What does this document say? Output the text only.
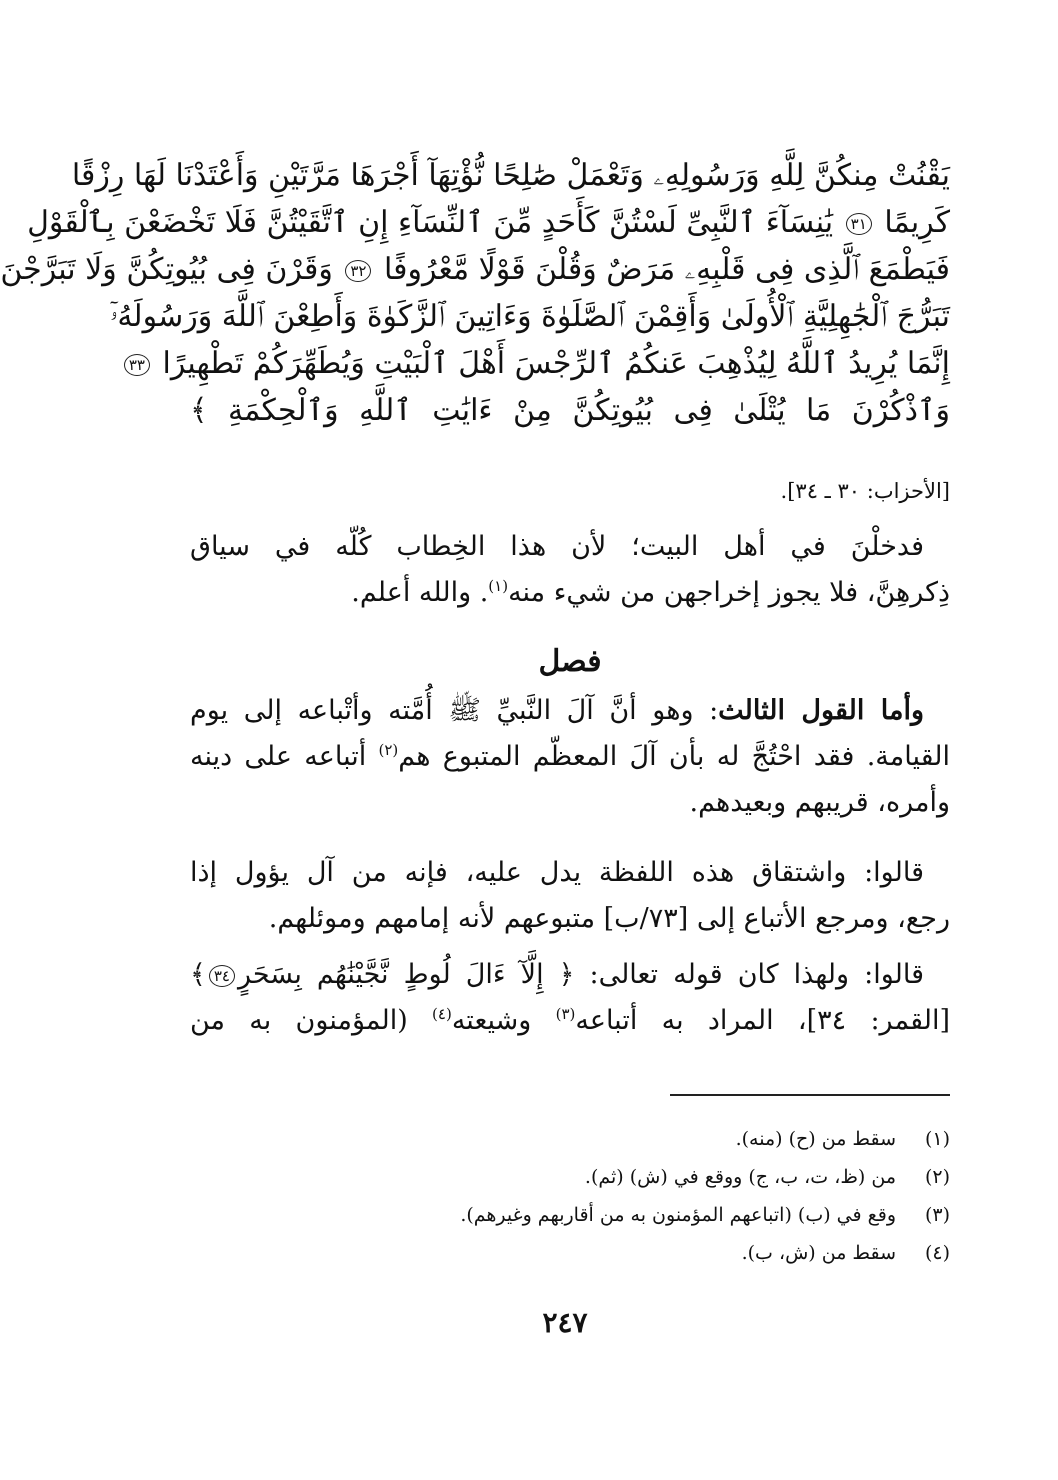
يَقْنُتْ مِنكُنَّ لِلَّهِ وَرَسُولِهِۦ وَتَعْمَلْ صَٰلِحًا نُّؤْتِهَآ أَجْرَهَا مَرَّتَيْنِ وَأَعْتَدْنَا لَهَا رِزْقًا
كَرِيمًا ٣١ يَٰنِسَآءَ ٱلنَّبِىِّ لَسْتُنَّ كَأَحَدٍ مِّنَ ٱلنِّسَآءِ إِنِ ٱتَّقَيْتُنَّ فَلَا تَخْضَعْنَ بِٱلْقَوْلِ
فَيَطْمَعَ ٱلَّذِى فِى قَلْبِهِۦ مَرَضٌ وَقُلْنَ قَوْلًا مَّعْرُوفًا ٣٢ وَقَرْنَ فِى بُيُوتِكُنَّ وَلَا تَبَرَّجْنَ
تَبَرُّجَ ٱلْجَٰهِلِيَّةِ ٱلْأُولَىٰ وَأَقِمْنَ ٱلصَّلَوٰةَ وَءَاتِينَ ٱلزَّكَوٰةَ وَأَطِعْنَ ٱللَّهَ وَرَسُولَهُۥٓ
إِنَّمَا يُرِيدُ ٱللَّهُ لِيُذْهِبَ عَنكُمُ ٱلرِّجْسَ أَهْلَ ٱلْبَيْتِ وَيُطَهِّرَكُمْ تَطْهِيرًا ٣٣
وَٱذْكُرْنَ مَا يُتْلَىٰ فِى بُيُوتِكُنَّ مِنْ ءَايَٰتِ ٱللَّهِ وَٱلْحِكْمَةِ ﴾
[الأحزاب: ٣٠ ـ ٣٤].
فدخلْنَ في أهل البيت؛ لأن هذا الخِطاب كُلّه في سياق
ذِكرهِنَّ، فلا يجوز إخراجهن من شيء منه$^{(١)}$. والله أعلم.
فصل
وأما القول الثالث: وهو أنَّ آلَ النَّبيِّ ﷺ أُمَّته وأتْباعه إلى يوم
القيامة. فقد احْتُجَّ له بأن آلَ المعظّم المتبوع هم$^{(٢)}$ أتباعه على دينه
وأمره، قريبهم وبعيدهم.
قالوا: واشتقاق هذه اللفظة يدل عليه، فإنه من آل يؤول إذا
رجع، ومرجع الأتباع إلى [٧٣/ب] متبوعهم لأنه إمامهم وموئلهم.
قالوا: ولهذا كان قوله تعالى: ﴿ إِلَّآ ءَالَ لُوطٍ نَّجَّيْنَٰهُم بِسَحَرٍ٣٤﴾
[القمر: ٣٤]، المراد به أتباعه$^{(٣)}$ وشيعته$^{(٤)}$ (المؤمنون به من
(١)
سقط من (ح) (منه).
(٢)
من (ظ، ت، ب، ج) ووقع في (ش) (ثم).
(٣)
وقع في (ب) (اتباعهم المؤمنون به من أقاربهم وغيرهم).
(٤)
سقط من (ش، ب).
٢٤٧
